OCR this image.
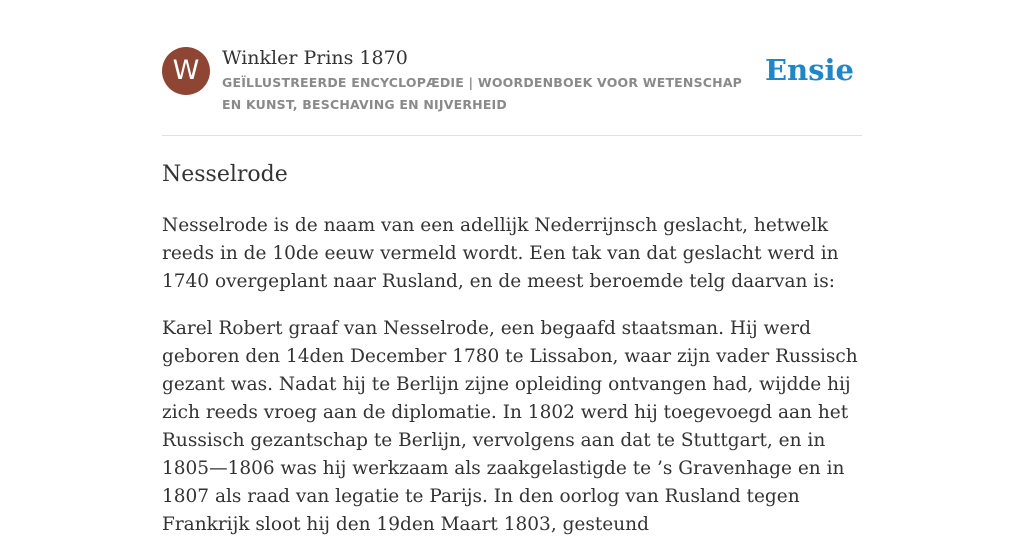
W	Winkler Prins 1870
GEÏLLUSTREERDE ENCYCLOPÆDIE | WOORDENBOEK VOOR WETENSCHAP EN KUNST, BESCHAVING EN NIJVERHEID
Ensie
Nesselrode

Nesselrode is de naam van een adellijk Nederrijnsch geslacht, hetwelk reeds in de 10de eeuw vermeld wordt. Een tak van dat geslacht werd in 1740 overgeplant naar Rusland, en de meest beroemde telg daarvan is:

Karel Robert graaf van Nesselrode, een begaafd staatsman. Hij werd geboren den 14den December 1780 te Lissabon, waar zijn vader Russisch gezant was. Nadat hij te Berlijn zijne opleiding ontvangen had, wijdde hij zich reeds vroeg aan de diplomatie. In 1802 werd hij toegevoegd aan het Russisch gezantschap te Berlijn, vervolgens aan dat te Stuttgart, en in 1805—1806 was hij werkzaam als zaakgelastigde te ’s Gravenhage en in 1807 als raad van legatie te Parijs. In den oorlog van Rusland tegen Frankrijk sloot hij den 19den Maart 1803, gesteund
